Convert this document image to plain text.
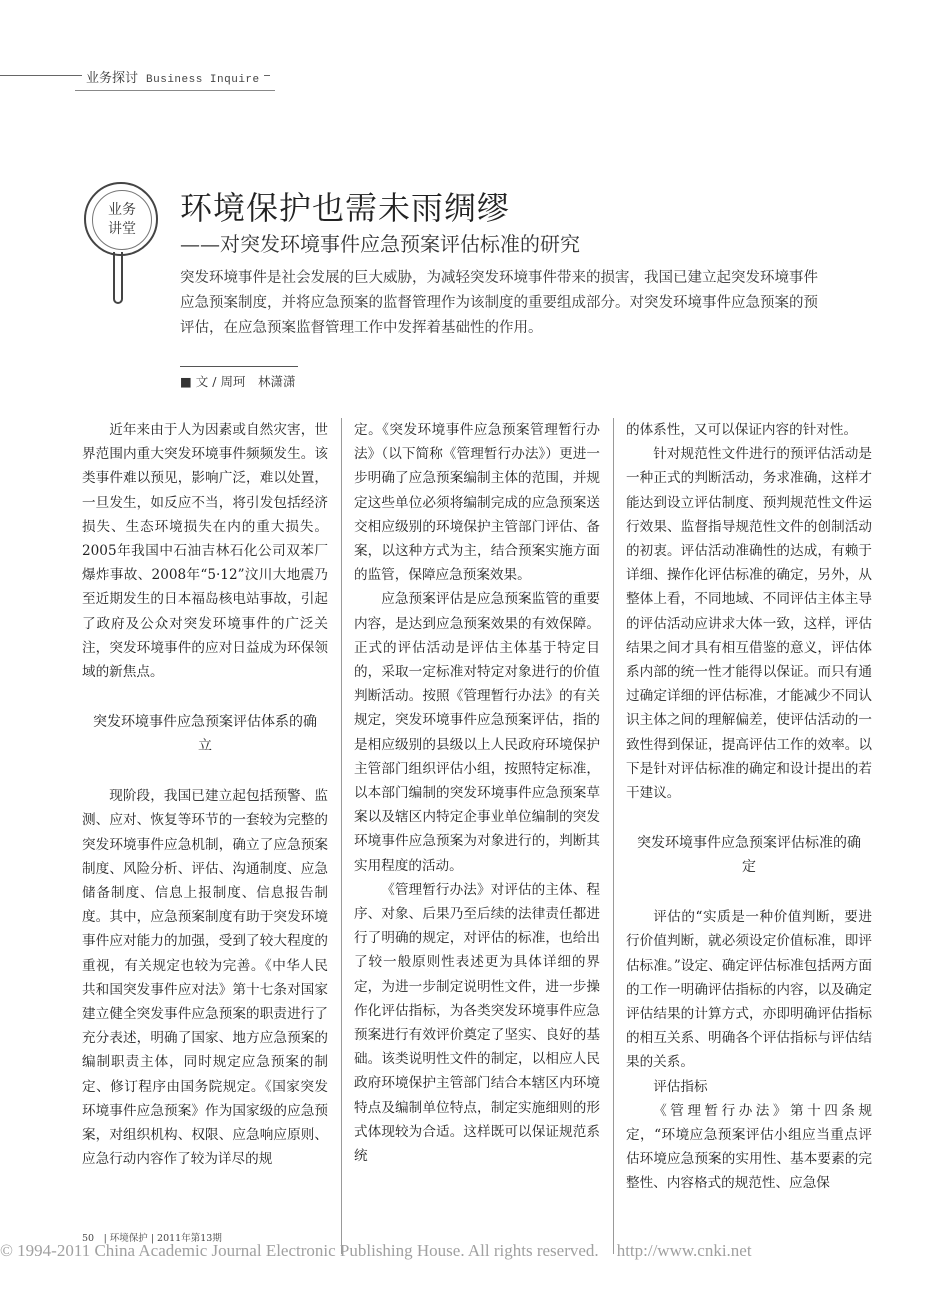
业务探讨 Business Inquire
业务
讲堂
环境保护也需未雨绸缪
——对突发环境事件应急预案评估标准的研究

突发环境事件是社会发展的巨大威胁，为减轻突发环境事件带来的损害，我国已建立起突发环境事件应急预案制度，并将应急预案的监督管理作为该制度的重要组成部分。对突发环境事件应急预案的预评估，在应急预案监督管理工作中发挥着基础性的作用。

■ 文 / 周珂　林潇潇

近年来由于人为因素或自然灾害，世界范围内重大突发环境事件频频发生。该类事件难以预见，影响广泛，难以处置，一旦发生，如反应不当，将引发包括经济损失、生态环境损失在内的重大损失。2005年我国中石油吉林石化公司双苯厂爆炸事故、2008年“5·12”汶川大地震乃至近期发生的日本福岛核电站事故，引起了政府及公众对突发环境事件的广泛关注，突发环境事件的应对日益成为环保领域的新焦点。

突发环境事件应急预案评估体系的确立

现阶段，我国已建立起包括预警、监测、应对、恢复等环节的一套较为完整的突发环境事件应急机制，确立了应急预案制度、风险分析、评估、沟通制度、应急储备制度、信息上报制度、信息报告制度。其中，应急预案制度有助于突发环境事件应对能力的加强，受到了较大程度的重视，有关规定也较为完善。《中华人民共和国突发事件应对法》第十七条对国家建立健全突发事件应急预案的职责进行了充分表述，明确了国家、地方应急预案的编制职责主体，同时规定应急预案的制定、修订程序由国务院规定。《国家突发环境事件应急预案》作为国家级的应急预案，对组织机构、权限、应急响应原则、应急行动内容作了较为详尽的规

定。《突发环境事件应急预案管理暂行办法》（以下简称《管理暂行办法》）更进一步明确了应急预案编制主体的范围，并规定这些单位必须将编制完成的应急预案送交相应级别的环境保护主管部门评估、备案，以这种方式为主，结合预案实施方面的监管，保障应急预案效果。

应急预案评估是应急预案监管的重要内容，是达到应急预案效果的有效保障。正式的评估活动是评估主体基于特定目的，采取一定标准对特定对象进行的价值判断活动。按照《管理暂行办法》的有关规定，突发环境事件应急预案评估，指的是相应级别的县级以上人民政府环境保护主管部门组织评估小组，按照特定标准，以本部门编制的突发环境事件应急预案草案以及辖区内特定企事业单位编制的突发环境事件应急预案为对象进行的，判断其实用程度的活动。

《管理暂行办法》对评估的主体、程序、对象、后果乃至后续的法律责任都进行了明确的规定，对评估的标准，也给出了较一般原则性表述更为具体详细的界定，为进一步制定说明性文件，进一步操作化评估指标，为各类突发环境事件应急预案进行有效评价奠定了坚实、良好的基础。该类说明性文件的制定，以相应人民政府环境保护主管部门结合本辖区内环境特点及编制单位特点，制定实施细则的形式体现较为合适。这样既可以保证规范系统

的体系性，又可以保证内容的针对性。

针对规范性文件进行的预评估活动是一种正式的判断活动，务求准确，这样才能达到设立评估制度、预判规范性文件运行效果、监督指导规范性文件的创制活动的初衷。评估活动准确性的达成，有赖于详细、操作化评估标准的确定，另外，从整体上看，不同地域、不同评估主体主导的评估活动应讲求大体一致，这样，评估结果之间才具有相互借鉴的意义，评估体系内部的统一性才能得以保证。而只有通过确定详细的评估标准，才能减少不同认识主体之间的理解偏差，使评估活动的一致性得到保证，提高评估工作的效率。以下是针对评估标准的确定和设计提出的若干建议。

突发环境事件应急预案评估标准的确定

评估的“实质是一种价值判断，要进行价值判断，就必须设定价值标准，即评估标准。”设定、确定评估标准包括两方面的工作一明确评估指标的内容，以及确定评估结果的计算方式，亦即明确评估指标的相互关系、明确各个评估指标与评估结果的关系。

评估指标

《管理暂行办法》第十四条规定，“环境应急预案评估小组应当重点评估环境应急预案的实用性、基本要素的完整性、内容格式的规范性、应急保

50　| 环境保护 | 2011年第13期
© 1994-2011 China Academic Journal Electronic Publishing House. All rights reserved. http://www.cnki.net
